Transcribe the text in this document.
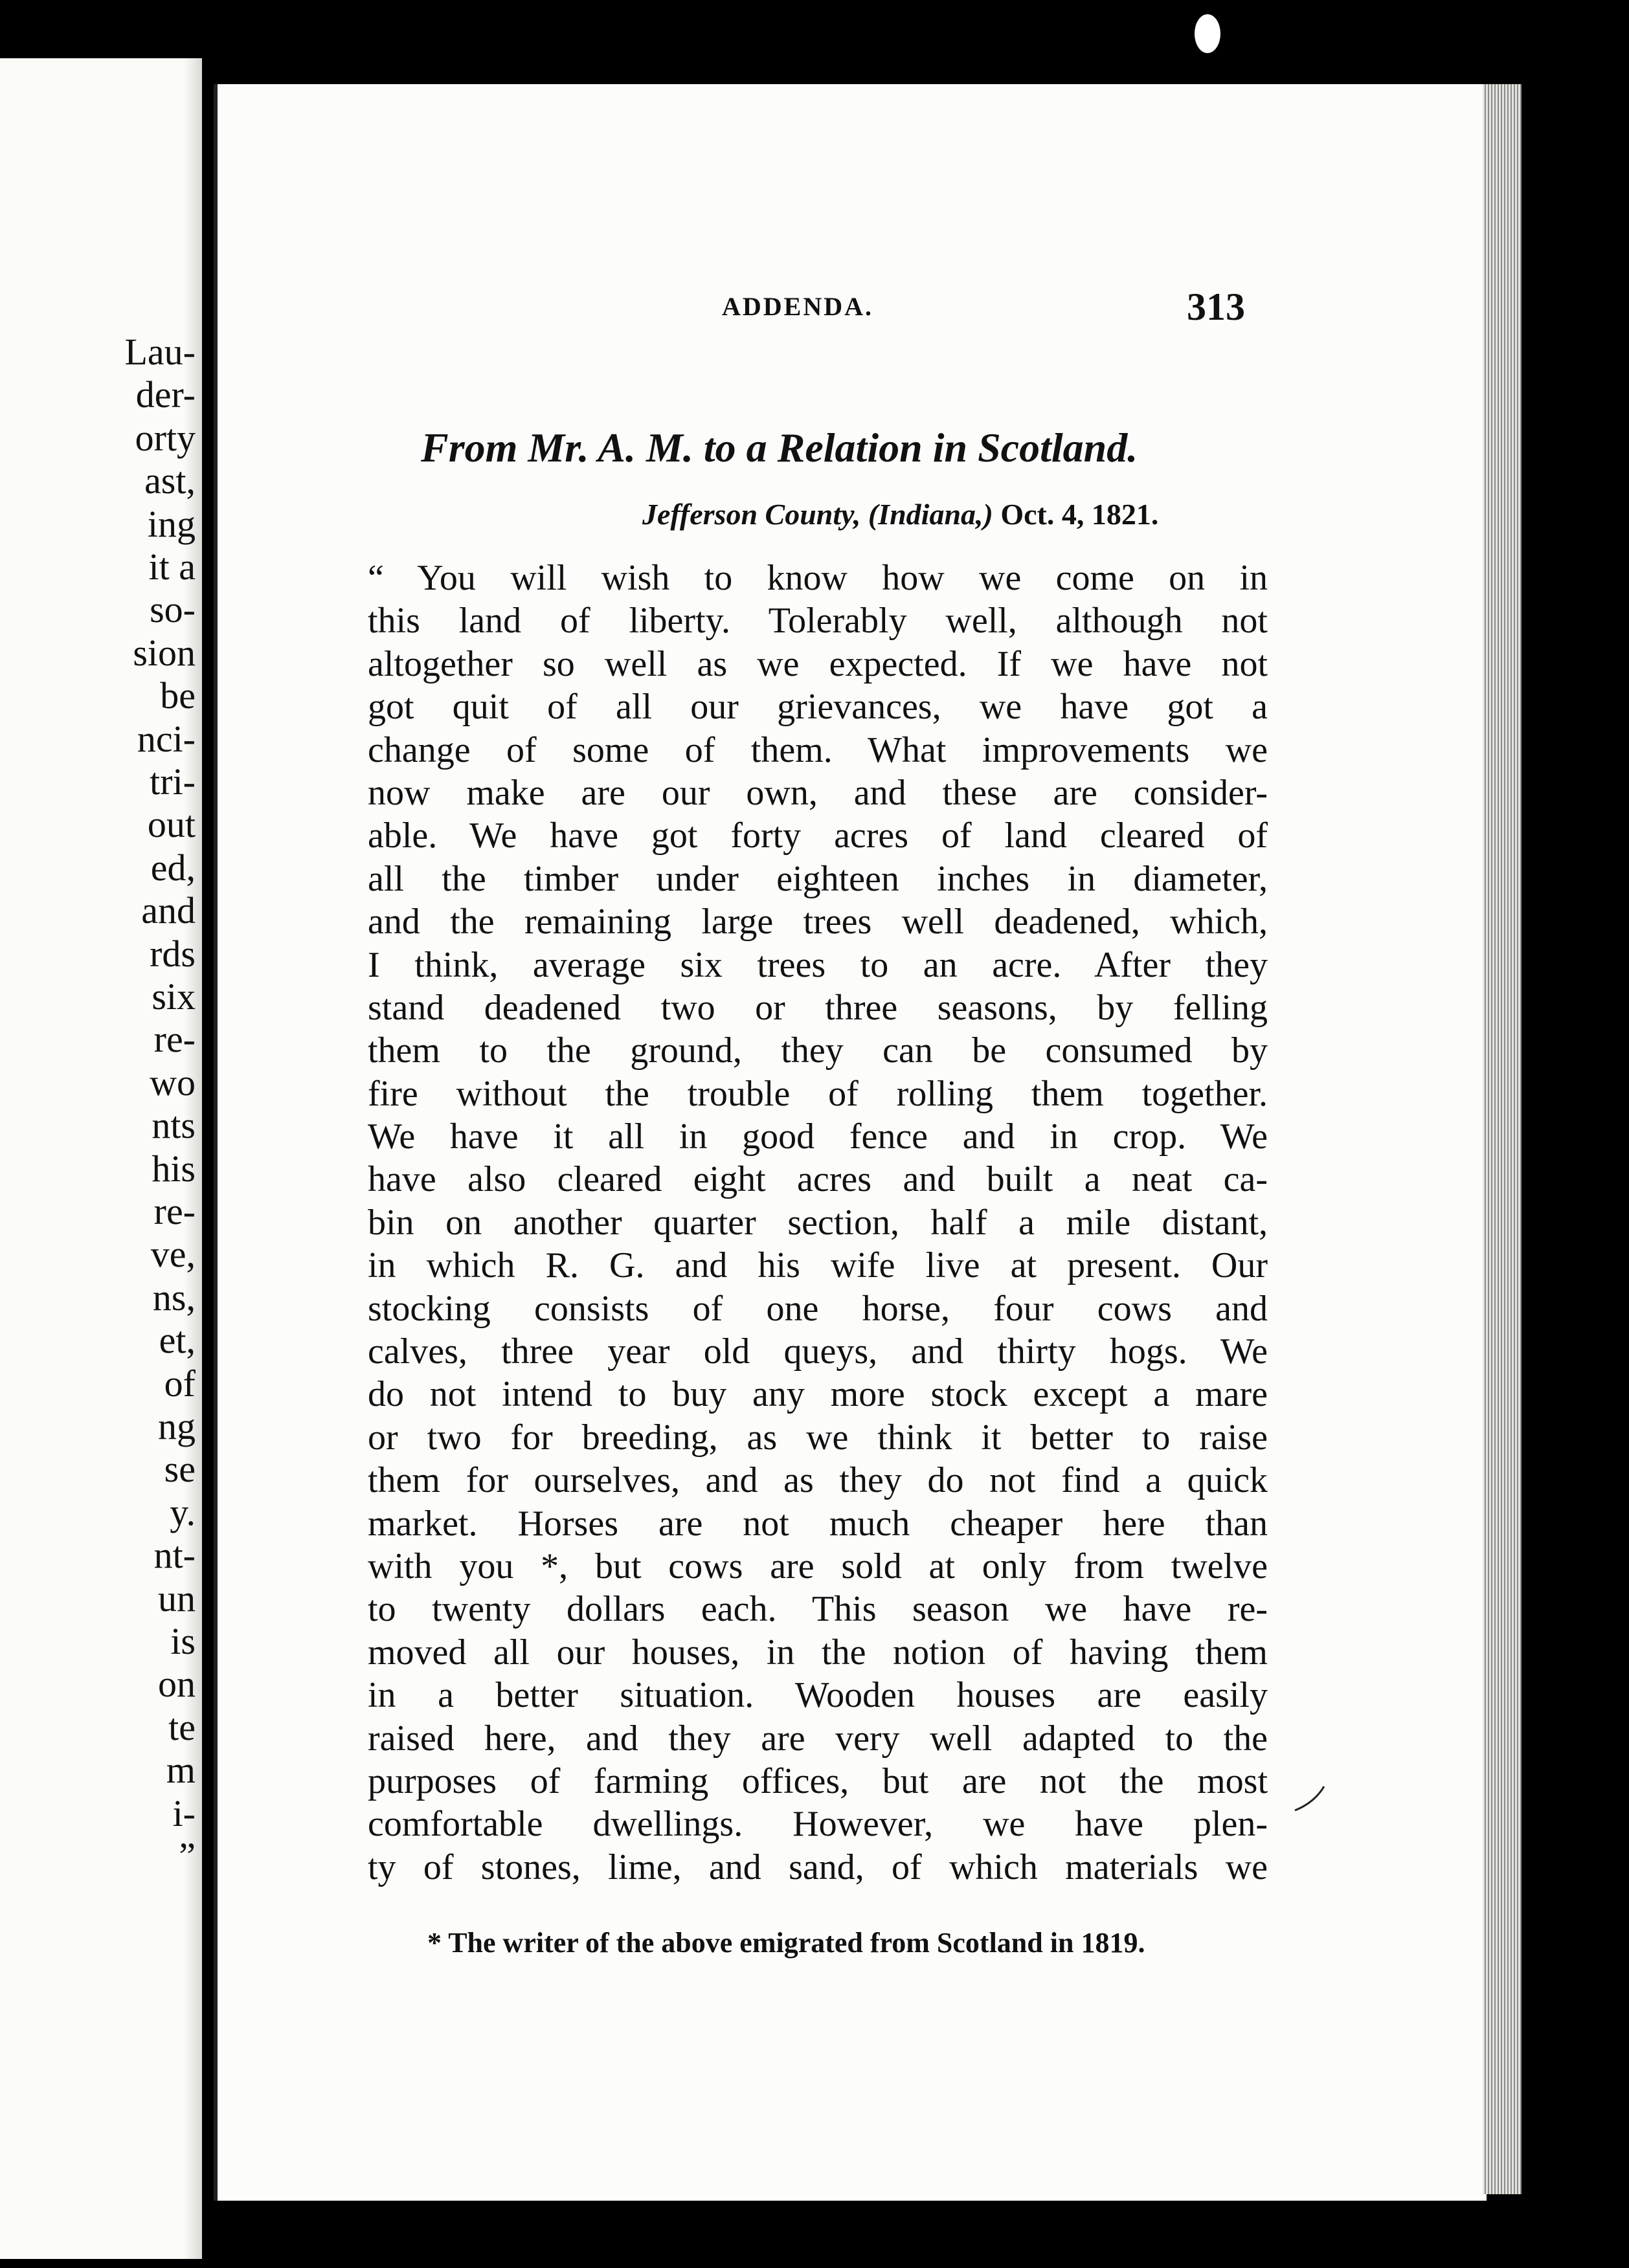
Lau-
der-
orty
ast,
ing
it a
so-
sion
be
nci-
tri-
out
ed,
and
rds
six
re-
wo
nts
his
re-
ve,
ns,
et,
of
ng
se
y.
nt-
un
is
on
te
m
i-
”
ADDENDA.	313
From Mr. A. M. to a Relation in Scotland.
Jefferson County, (Indiana,) Oct. 4, 1821.
“ You will wish to know how we come on in
this land of liberty. Tolerably well, although not
altogether so well as we expected. If we have not
got quit of all our grievances, we have got a
change of some of them. What improvements we
now make are our own, and these are consider-
able. We have got forty acres of land cleared of
all the timber under eighteen inches in diameter,
and the remaining large trees well deadened, which,
I think, average six trees to an acre. After they
stand deadened two or three seasons, by felling
them to the ground, they can be consumed by
fire without the trouble of rolling them together.
We have it all in good fence and in crop. We
have also cleared eight acres and built a neat ca-
bin on another quarter section, half a mile distant,
in which R. G. and his wife live at present. Our
stocking consists of one horse, four cows and
calves, three year old queys, and thirty hogs. We
do not intend to buy any more stock except a mare
or two for breeding, as we think it better to raise
them for ourselves, and as they do not find a quick
market. Horses are not much cheaper here than
with you *, but cows are sold at only from twelve
to twenty dollars each. This season we have re-
moved all our houses, in the notion of having them
in a better situation. Wooden houses are easily
raised here, and they are very well adapted to the
purposes of farming offices, but are not the most
comfortable dwellings. However, we have plen-
ty of stones, lime, and sand, of which materials we
* The writer of the above emigrated from Scotland in 1819.
